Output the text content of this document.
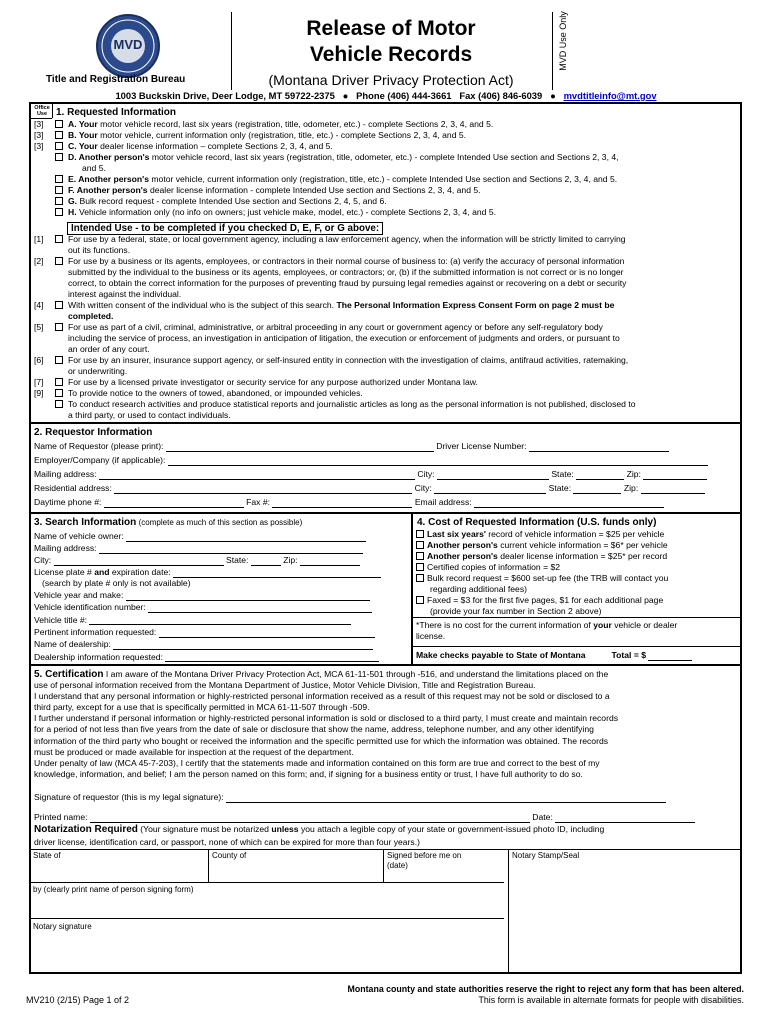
MVD
Title and Registration Bureau
Release of Motor
Vehicle Records
(Montana Driver Privacy Protection Act)
MVD Use Only
1003 Buckskin Drive, Deer Lodge, MT 59722-2375 ● Phone (406) 444-3661 Fax (406) 846-6039 ● mvdtitleinfo@mt.gov
Office Use 1. Requested Information
[3]	A. Your motor vehicle record, last six years (registration, title, odometer, etc.) - complete Sections 2, 3, 4, and 5.
[3]	B. Your motor vehicle, current information only (registration, title, etc.) - complete Sections 2, 3, 4, and 5.
[3]	C. Your dealer license information – complete Sections 2, 3, 4, and 5.
D. Another person's motor vehicle record, last six years (registration, title, odometer, etc.) - complete Intended Use section and Sections 2, 3, 4,
and 5.
E. Another person's motor vehicle, current information only (registration, title, etc.) - complete Intended Use section and Sections 2, 3, 4, and 5.
F. Another person's dealer license information - complete Intended Use section and Sections 2, 3, 4, and 5.
G. Bulk record request - complete Intended Use section and Sections 2, 4, 5, and 6.
H. Vehicle information only (no info on owners; just vehicle make, model, etc.) - complete Sections 2, 3, 4, and 5.
Intended Use - to be completed if you checked D, E, F, or G above:
[1]	For use by a federal, state, or local government agency, including a law enforcement agency, when the information will be strictly limited to carrying
out its functions.
[2]	For use by a business or its agents, employees, or contractors in their normal course of business to: (a) verify the accuracy of personal information
submitted by the individual to the business or its agents, employees, or contractors; or, (b) if the submitted information is not correct or is no longer
correct, to obtain the correct information for the purposes of preventing fraud by pursuing legal remedies against or recovering on a debt or security
interest against the individual.
[4]	With written consent of the individual who is the subject of this search. The Personal Information Express Consent Form on page 2 must be
completed.
[5]	For use as part of a civil, criminal, administrative, or arbitral proceeding in any court or government agency or before any self-regulatory body
including the service of process, an investigation in anticipation of litigation, the execution or enforcement of judgments and orders, or pursuant to
an order of any court.
[6]	For use by an insurer, insurance support agency, or self-insured entity in connection with the investigation of claims, antifraud activities, ratemaking,
or underwriting.
[7]	For use by a licensed private investigator or security service for any purpose authorized under Montana law.
[9]	To provide notice to the owners of towed, abandoned, or impounded vehicles.
To conduct research activities and produce statistical reports and journalistic articles as long as the personal information is not published, disclosed to
a third party, or used to contact individuals.
2. Requestor Information
Name of Requestor (please print):	Driver License Number:
Employer/Company (if applicable):
Mailing address:	City:	State:	Zip:
Residential address:	City:	State:	Zip:
Daytime phone #:	Fax #:	Email address:
3. Search Information (complete as much of this section as possible)
Name of vehicle owner:
Mailing address:
City:	State:	Zip:
License plate # and expiration date:
(search by plate # only is not available)
Vehicle year and make:
Vehicle identification number:
Vehicle title #:
Pertinent information requested:
Name of dealership:
Dealership information requested:
4. Cost of Requested Information (U.S. funds only)
Last six years' record of vehicle information = $25 per vehicle
Another person's current vehicle information = $6* per vehicle
Another person's dealer license information = $25* per record
Certified copies of information = $2
Bulk record request = $600 set-up fee (the TRB will contact you
regarding additional fees)
Faxed = $3 for the first five pages, $1 for each additional page
(provide your fax number in Section 2 above)
*There is no cost for the current information of your vehicle or dealer
license.
Make checks payable to State of Montana	Total = $
5. Certification I am aware of the Montana Driver Privacy Protection Act, MCA 61-11-501 through -516, and understand the limitations placed on the
use of personal information received from the Montana Department of Justice, Motor Vehicle Division, Title and Registration Bureau.
I understand that any personal information or highly-restricted personal information received as a result of this request may not be sold or disclosed to a
third party, except for a use that is specifically permitted in MCA 61-11-507 through -509.
I further understand if personal information or highly-restricted personal information is sold or disclosed to a third party, I must create and maintain records
for a period of not less than five years from the date of sale or disclosure that show the name, address, telephone number, and any other identifying
information of the third party who bought or received the information and the specific permitted use for which the information was obtained. The records
must be produced or made available for inspection at the request of the department.
Under penalty of law (MCA 45-7-203), I certify that the statements made and information contained on this form are true and correct to the best of my
knowledge, information, and belief; I am the person named on this form; and, if signing for a business entity or trust, I have full authority to do so.
Signature of requestor (this is my legal signature):
Printed name:	Date:
Notarization Required (Your signature must be notarized unless you attach a legible copy of your state or government-issued photo ID, including
driver license, identification card, or passport, none of which can be expired for more than four years.)
State of	County of	Signed before me on
(date)
Notary Stamp/Seal
by (clearly print name of person signing form)
Notary signature
Montana county and state authorities reserve the right to reject any form that has been altered.
MV210 (2/15) Page 1 of 2	This form is available in alternate formats for people with disabilities.
